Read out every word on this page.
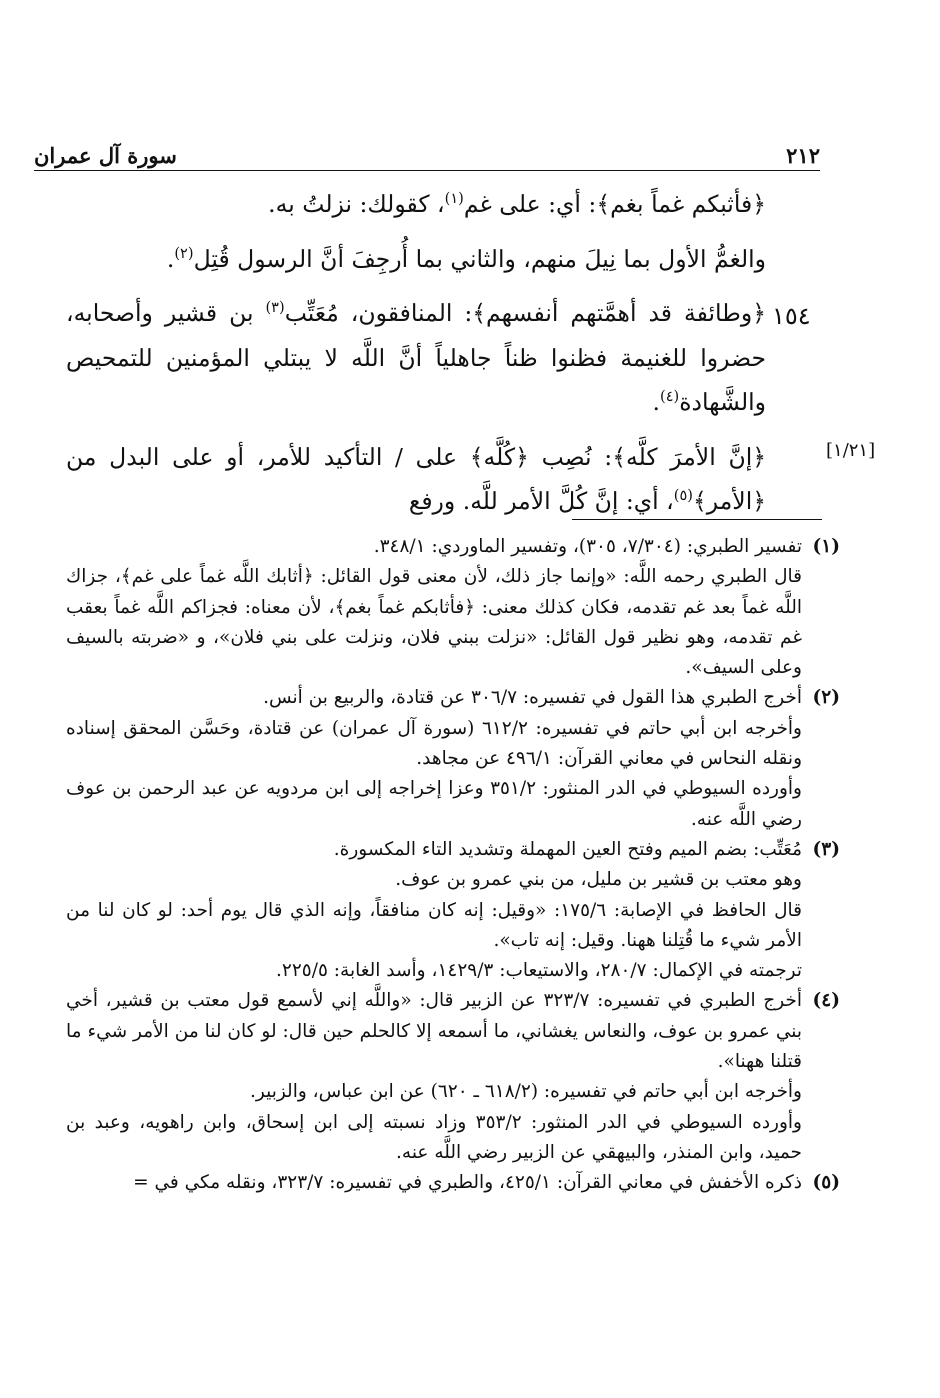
٢١٢
سورة آل عمران
١٥٤
[١/٢١]

﴿فأثبكم غماً بغم﴾: أي: على غم$^{(١)}$، كقولك: نزلتُ به.

والغمُّ الأول بما نِيلَ منهم، والثاني بما أُرجِفَ أنَّ الرسول قُتِل$^{(٢)}$.

﴿وطائفة قد أهمَّتهم أنفسهم﴾: المنافقون، مُعَتِّب$^{(٣)}$ بن قشير وأصحابه، حضروا للغنيمة فظنوا ظناً جاهلياً أنَّ اللَّه لا يبتلي المؤمنين للتمحيص والشَّهادة$^{(٤)}$.

﴿إنَّ الأمرَ كلَّه﴾: نُصِب ﴿كُلَّه﴾ على / التأكيد للأمر، أو على البدل من ﴿الأمر﴾$^{(٥)}$، أي: إنَّ كُلَّ الأمر للَّه. ورفع

(١)

تفسير الطبري: (٧/٣٠٤، ٣٠٥)، وتفسير الماوردي: ٣٤٨/١.

قال الطبري رحمه اللَّه: «وإنما جاز ذلك، لأن معنى قول القائل: ﴿أثابك اللَّه غماً على غم﴾، جزاك اللَّه غماً بعد غم تقدمه، فكان كذلك معنى: ﴿فأثابكم غماً بغم﴾، لأن معناه: فجزاكم اللَّه غماً بعقب غم تقدمه، وهو نظير قول القائل: «نزلت ببني فلان، ونزلت على بني فلان»، و «ضربته بالسيف وعلى السيف».

(٢)

أخرج الطبري هذا القول في تفسيره: ٣٠٦/٧ عن قتادة، والربيع بن أنس.

وأخرجه ابن أبي حاتم في تفسيره: ٦١٢/٢ (سورة آل عمران) عن قتادة، وحَسَّن المحقق إسناده ونقله النحاس في معاني القرآن: ٤٩٦/١ عن مجاهد.

وأورده السيوطي في الدر المنثور: ٣٥١/٢ وعزا إخراجه إلى ابن مردويه عن عبد الرحمن بن عوف رضي اللَّه عنه.

(٣)

مُعَتِّب: بضم الميم وفتح العين المهملة وتشديد التاء المكسورة.

وهو معتب بن قشير بن مليل، من بني عمرو بن عوف.

قال الحافظ في الإصابة: ١٧٥/٦: «وقيل: إنه كان منافقاً، وإنه الذي قال يوم أحد: لو كان لنا من الأمر شيء ما قُتِلنا ههنا. وقيل: إنه تاب».

ترجمته في الإكمال: ٢٨٠/٧، والاستيعاب: ١٤٢٩/٣، وأسد الغابة: ٢٢٥/٥.

(٤)

أخرج الطبري في تفسيره: ٣٢٣/٧ عن الزبير قال: «واللَّه إني لأسمع قول معتب بن قشير، أخي بني عمرو بن عوف، والنعاس يغشاني، ما أسمعه إلا كالحلم حين قال: لو كان لنا من الأمر شيء ما قتلنا ههنا».

وأخرجه ابن أبي حاتم في تفسيره: (٦١٨/٢ ـ ٦٢٠) عن ابن عباس، والزبير.

وأورده السيوطي في الدر المنثور: ٣٥٣/٢ وزاد نسبته إلى ابن إسحاق، وابن راهويه، وعبد بن حميد، وابن المنذر، والبيهقي عن الزبير رضي اللَّه عنه.

(٥)

ذكره الأخفش في معاني القرآن: ٤٢٥/١، والطبري في تفسيره: ٣٢٣/٧، ونقله مكي في =
